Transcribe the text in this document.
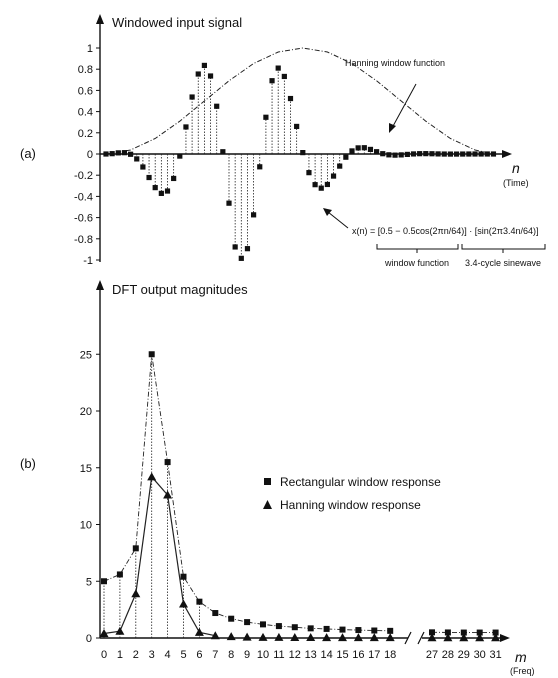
(a)
Windowed input signal
n
(Time)
Hanning window function
x(n) = [0.5 − 0.5cos(2πn/64)] · [sin(2π3.4n/64)]
window function 3.4-cycle sinewave
1
0.8
0.6
0.4
0.2
0
-0.2
-0.4
-0.6
-0.8
-1
(b)
DFT output magnitudes
m
(Freq)
25
20
15
10
5
0
0 1 2 3 4 5 6 7 8 9 10 11 12 13 14 15 16 17 18	27 28 29 30 31
Rectangular window response
Hanning window response
